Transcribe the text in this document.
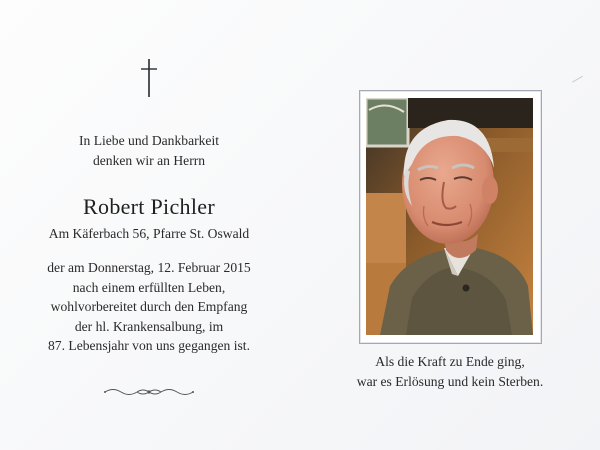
In Liebe und Dankbarkeit
denken wir an Herrn
Robert Pichler
Am Käferbach 56, Pfarre St. Oswald
der am Donnerstag, 12. Februar 2015
nach einem erfüllten Leben,
wohlvorbereitet durch den Empfang
der hl. Krankensalbung, im
87. Lebensjahr von uns gegangen ist.
Als die Kraft zu Ende ging,
war es Erlösung und kein Sterben.
